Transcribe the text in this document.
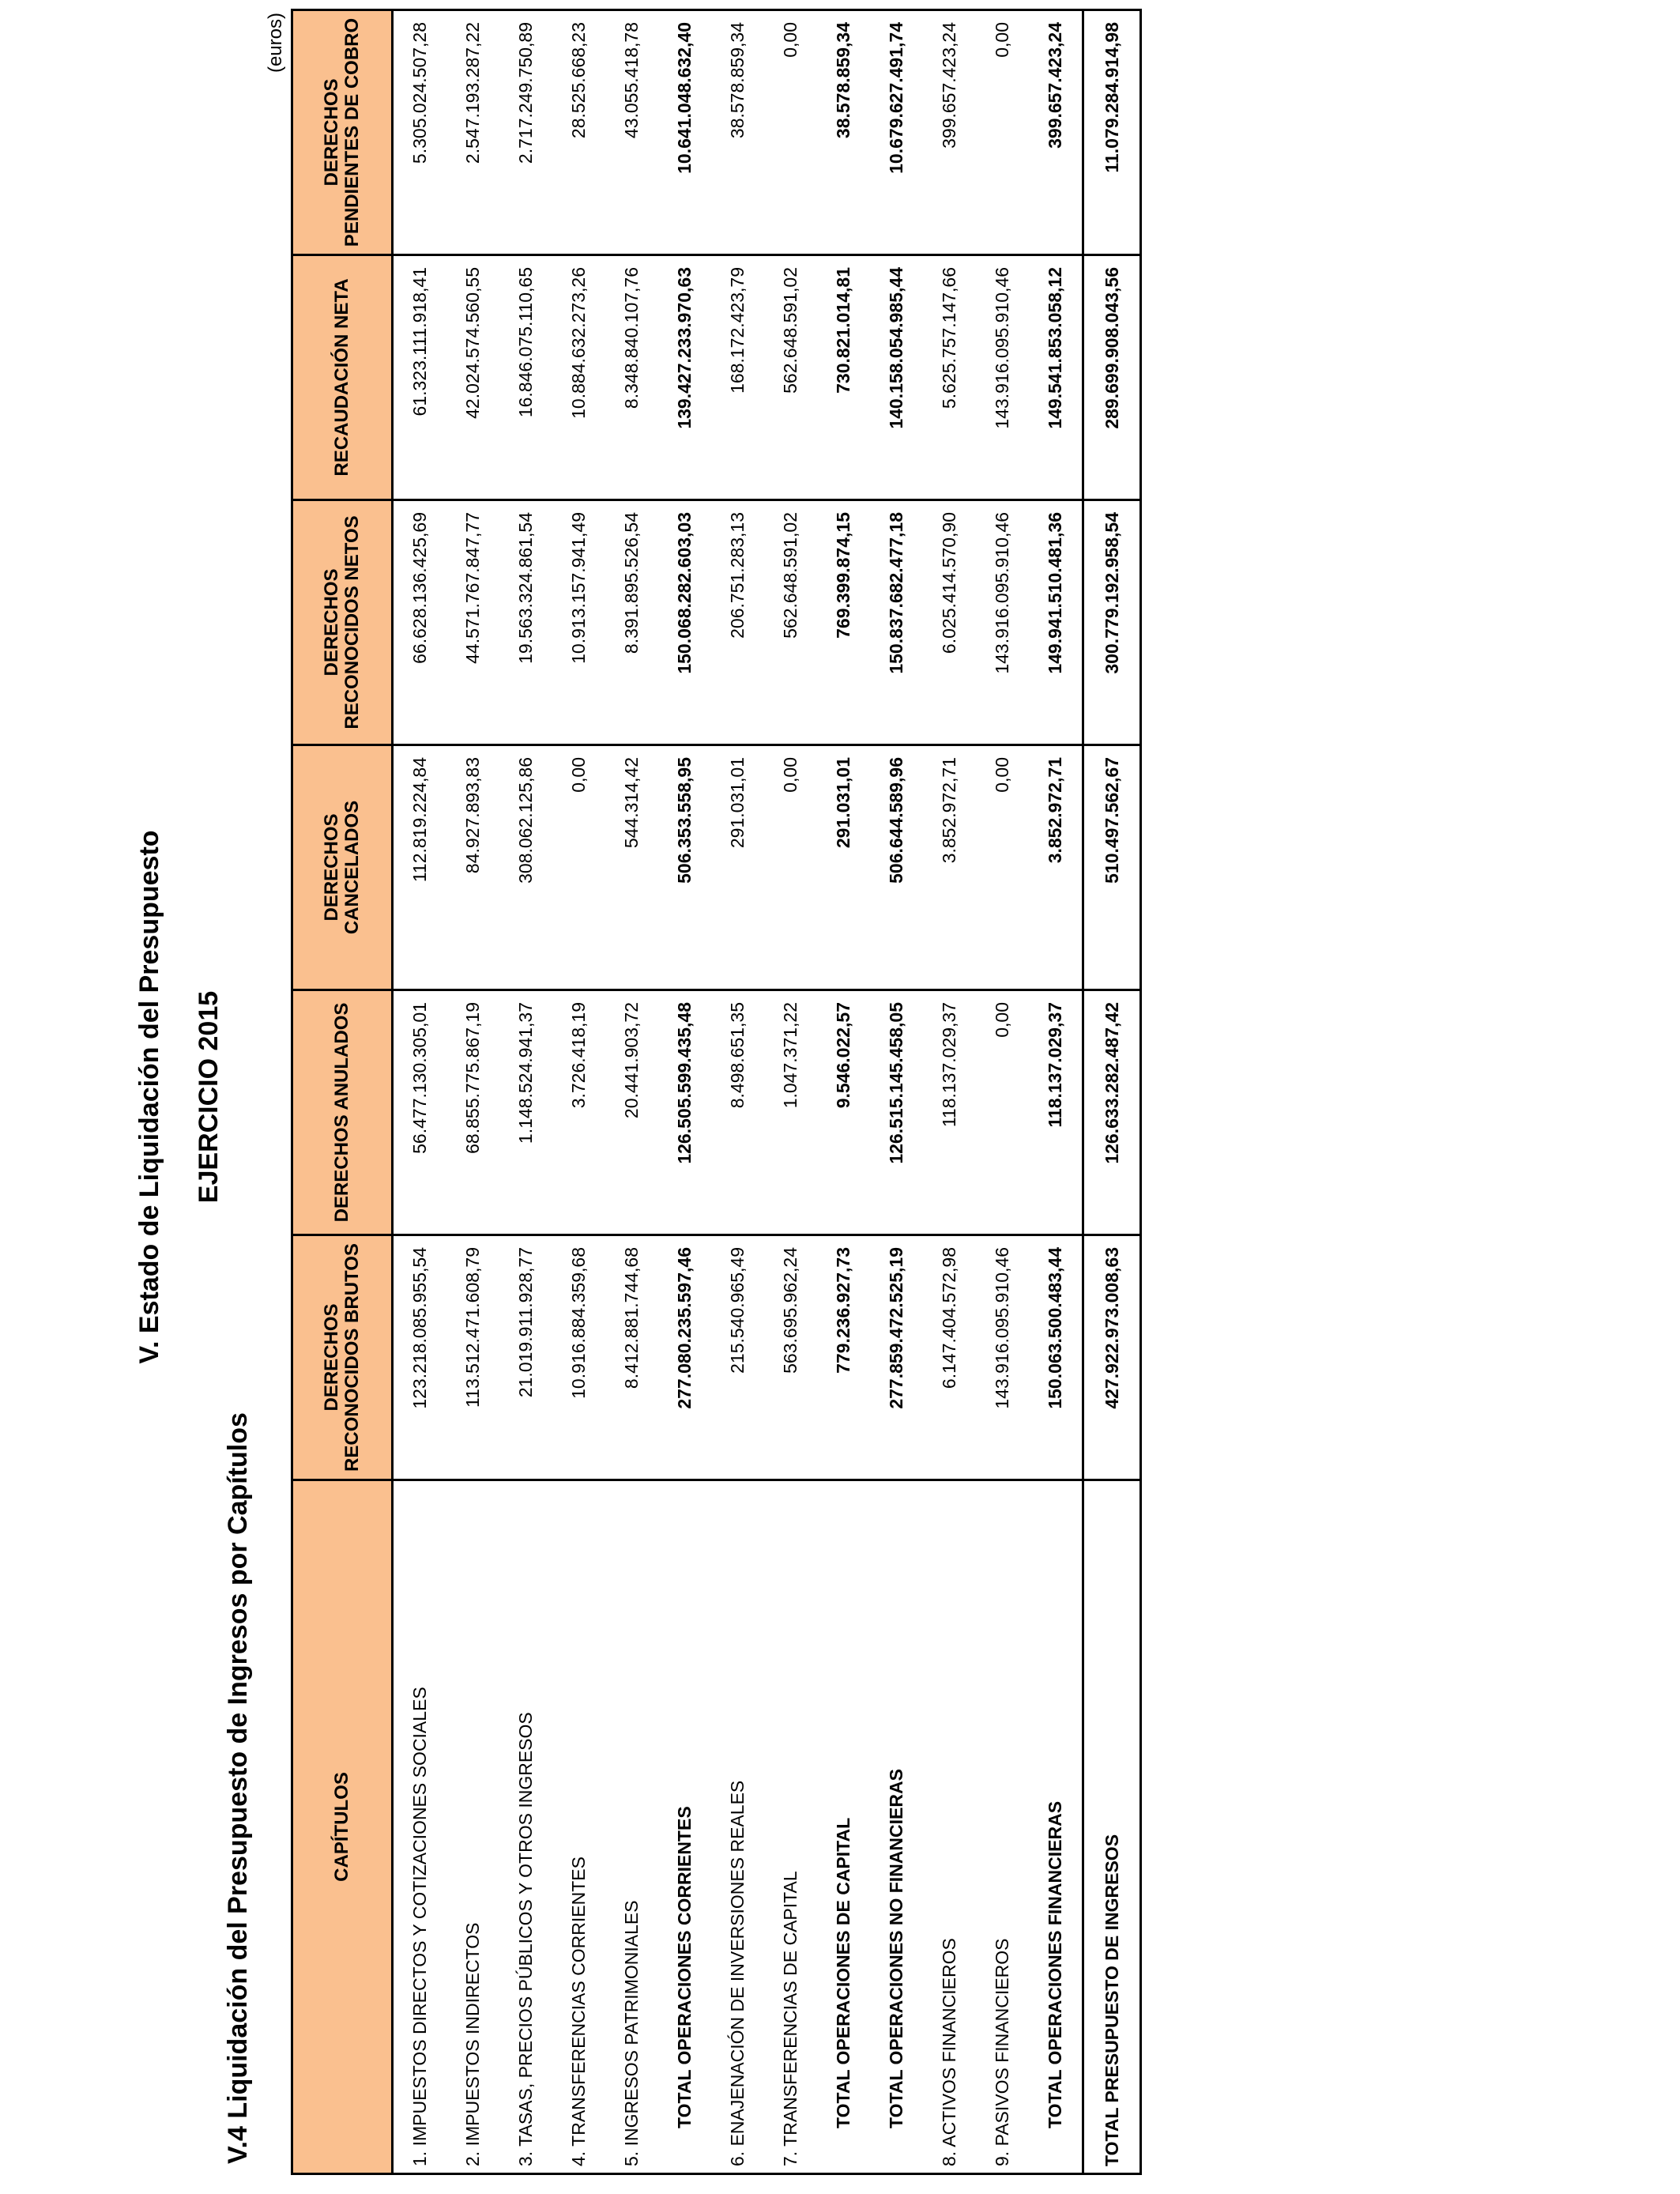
V. Estado de Liquidación del Presupuesto EJERCICIO 2015
V.4 Liquidación del Presupuesto de Ingresos por Capítulos
(euros)
CAPÍTULOS	DERECHOS RECONOCIDOS BRUTOS	DERECHOS ANULADOS	DERECHOS CANCELADOS	DERECHOS RECONOCIDOS NETOS	RECAUDACIÓN NETA	DERECHOS PENDIENTES DE COBRO
1. IMPUESTOS DIRECTOS Y COTIZACIONES SOCIALES	123.218.085.955,54	56.477.130.305,01	112.819.224,84	66.628.136.425,69	61.323.111.918,41	5.305.024.507,28
2. IMPUESTOS INDIRECTOS	113.512.471.608,79	68.855.775.867,19	84.927.893,83	44.571.767.847,77	42.024.574.560,55	2.547.193.287,22
3. TASAS, PRECIOS PÚBLICOS Y OTROS INGRESOS	21.019.911.928,77	1.148.524.941,37	308.062.125,86	19.563.324.861,54	16.846.075.110,65	2.717.249.750,89
4. TRANSFERENCIAS CORRIENTES	10.916.884.359,68	3.726.418,19	0,00	10.913.157.941,49	10.884.632.273,26	28.525.668,23
5. INGRESOS PATRIMONIALES	8.412.881.744,68	20.441.903,72	544.314,42	8.391.895.526,54	8.348.840.107,76	43.055.418,78
TOTAL OPERACIONES CORRIENTES	277.080.235.597,46	126.505.599.435,48	506.353.558,95	150.068.282.603,03	139.427.233.970,63	10.641.048.632,40
6. ENAJENACIÓN DE INVERSIONES REALES	215.540.965,49	8.498.651,35	291.031,01	206.751.283,13	168.172.423,79	38.578.859,34
7. TRANSFERENCIAS DE CAPITAL	563.695.962,24	1.047.371,22	0,00	562.648.591,02	562.648.591,02	0,00
TOTAL OPERACIONES DE CAPITAL	779.236.927,73	9.546.022,57	291.031,01	769.399.874,15	730.821.014,81	38.578.859,34
TOTAL OPERACIONES NO FINANCIERAS	277.859.472.525,19	126.515.145.458,05	506.644.589,96	150.837.682.477,18	140.158.054.985,44	10.679.627.491,74
8. ACTIVOS FINANCIEROS	6.147.404.572,98	118.137.029,37	3.852.972,71	6.025.414.570,90	5.625.757.147,66	399.657.423,24
9. PASIVOS FINANCIEROS	143.916.095.910,46	0,00	0,00	143.916.095.910,46	143.916.095.910,46	0,00
TOTAL OPERACIONES FINANCIERAS	150.063.500.483,44	118.137.029,37	3.852.972,71	149.941.510.481,36	149.541.853.058,12	399.657.423,24
TOTAL PRESUPUESTO DE INGRESOS	427.922.973.008,63	126.633.282.487,42	510.497.562,67	300.779.192.958,54	289.699.908.043,56	11.079.284.914,98
